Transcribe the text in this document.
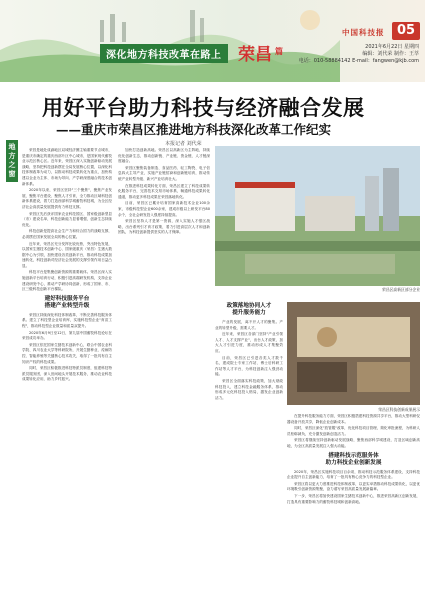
深化地方科技改革在路上 荣昌 篇
中国科技报 05
2021年6月22日 星期四
编辑：刘代荣 制作：王萃
电话：010-58884142 E-mail：fangwen@kjb.com
用好平台助力科技与经济融合发展
——重庆市荣昌区推进地方科技深化改革工作纪实
本报记者 刘代荣
地方之窗

荣昌是地处成渝地区双城经济圈主轴重要节点城市，是重庆市确定的重庆西部片区中心城市，是国家现代畜牧业示范区核心区。近年来，荣昌区深入实施创新驱动发展战略，坚持把科技创新摆在全局发展核心位置，以深化科技体制改革为动力，以推动科技成果转化为重点，加快构建以企业为主体、市场为导向、产学研深度融合的技术创新体系。

2020年以来，荣昌区坚持"三个聚焦"，聚焦产业发展、聚焦平台建设、聚焦人才引育，全力推动区域科技创新体系建设，着力打造西部科学城畜牧科技城，为全区经济社会高质量发展提供有力科技支撑。

荣昌区先后获评国家农业科技园区、国家级创新型县（市）建设名单，科技创新能力显著增强，创新生态持续优化。

科技创新是提高社会生产力和综合国力的战略支撑，必须摆在国家发展全局的核心位置。

近年来，荣昌区充分发挥比较优势，突出特色发展，以国家生猪技术创新中心、国家级重庆（荣昌）生猪大数据中心为引领，加快建设各类创新平台，推动科技成果加速转化，科技创新对经济社会发展的支撑引领作用日益凸显。

科技平台是集聚创新资源的重要载体。荣昌区深入实施创新平台培育行动，积极引进高端研发机构，支持企业建设研发中心，推动产学研协同创新，形成了国家、市、区三级科技创新平台梯队。

建好科技服务平台
搭建产业转型升级

荣昌区持续深化科技体制改革，不断完善科技服务体系。建立了科技型企业培育库，实施科技型企业"育苗工程"，推动科技型企业数量和质量双提升。

2020年6月9日至12日，第九届中国畜牧科技论坛在荣昌成功举办。

荣昌区依托国家生猪技术创新中心，联合中国农业科学院、四川农业大学等科研院所，开展生猪种业、疫病防控、智能养殖等关键核心技术攻关，取得了一批具有自主知识产权的科技成果。

同时，荣昌区积极推进科技特派员制度，组建科技特派员服务团，深入田间地头开展技术服务，推动农业科技成果转化应用，助力乡村振兴。

加快打造创新高地。荣昌区以高新区为主阵地，持续优化创新生态，推动创新链、产业链、资金链、人才链深度融合。

荣昌区聚焦装备制造、食品医药、轻工陶瓷、电子信息四大主导产业，实施产业链招商和创新链培育，推动传统产业转型升级、新兴产业培育壮大。

在推进科技成果转化方面，荣昌区建立了科技成果转化服务平台，完善技术交易市场体系，畅通科技成果转化通道，推动更多科技成果在荣昌落地转化。

目前，荣昌区已累计培育国家高新技术企业100余家，市级科技型企业600余家，建成市级以上研发平台80余个，全社会研发投入强度持续提高。

荣昌区坚持人才是第一资源，深入实施人才强区战略，出台系列引才育才政策，着力引进高层次人才和创新团队，为科技创新提供坚实的人才保障。

荣昌区高新区部分企业
政策落地协同人才
提升服务能力

产业的发展，离不开人才的聚集。产业的转型升级，需要人才。

近年来，荣昌区各部门坚持"产业引领人才、人才支撑产业"，出台人才政策，加大人才引进力度，推动形成人才集聚效应。

目前，荣昌区已引进各类人才数千名，建成院士专家工作站、博士后科研工作站等人才平台，为科技创新注入强劲动能。

荣昌区全面落实科技政策，加大财政科技投入，建立科技金融服务体系，推动形成多元化科技投入格局，激发企业创新活力。

荣昌区科技创新成果展示

在提升科技服务能力方面，荣昌区积极搭建科技资源共享平台，推动大型科研仪器设备开放共享，降低企业创新成本。

同时，荣昌区深化"放管服"改革，优化科技项目管理，简化审批流程，为科研人员松绑减负，充分激发创新创造活力。

荣昌区将继续坚持创新驱动发展战略，聚焦西部科学城建设，打造区域创新高地，为全区高质量发展注入强大动能。

搭建科技示范服务体
助力科技企业创新发展

2020年，荣昌区实施科技项目百余项，推动科技示范服务体系建设，支持科技企业提升自主创新能力，培育了一批具有核心竞争力的科技型企业。

荣昌区将以更大力度推进科技体制改革，以更实举措推动科技成果转化，以更优环境吸引创新资源集聚，奋力谱写荣昌高质量发展新篇章。

下一步，荣昌区将加快建设国家生猪技术创新中心，推进荣昌高新区创新发展，打造具有重要影响力的畜牧科技城和创新高地。
